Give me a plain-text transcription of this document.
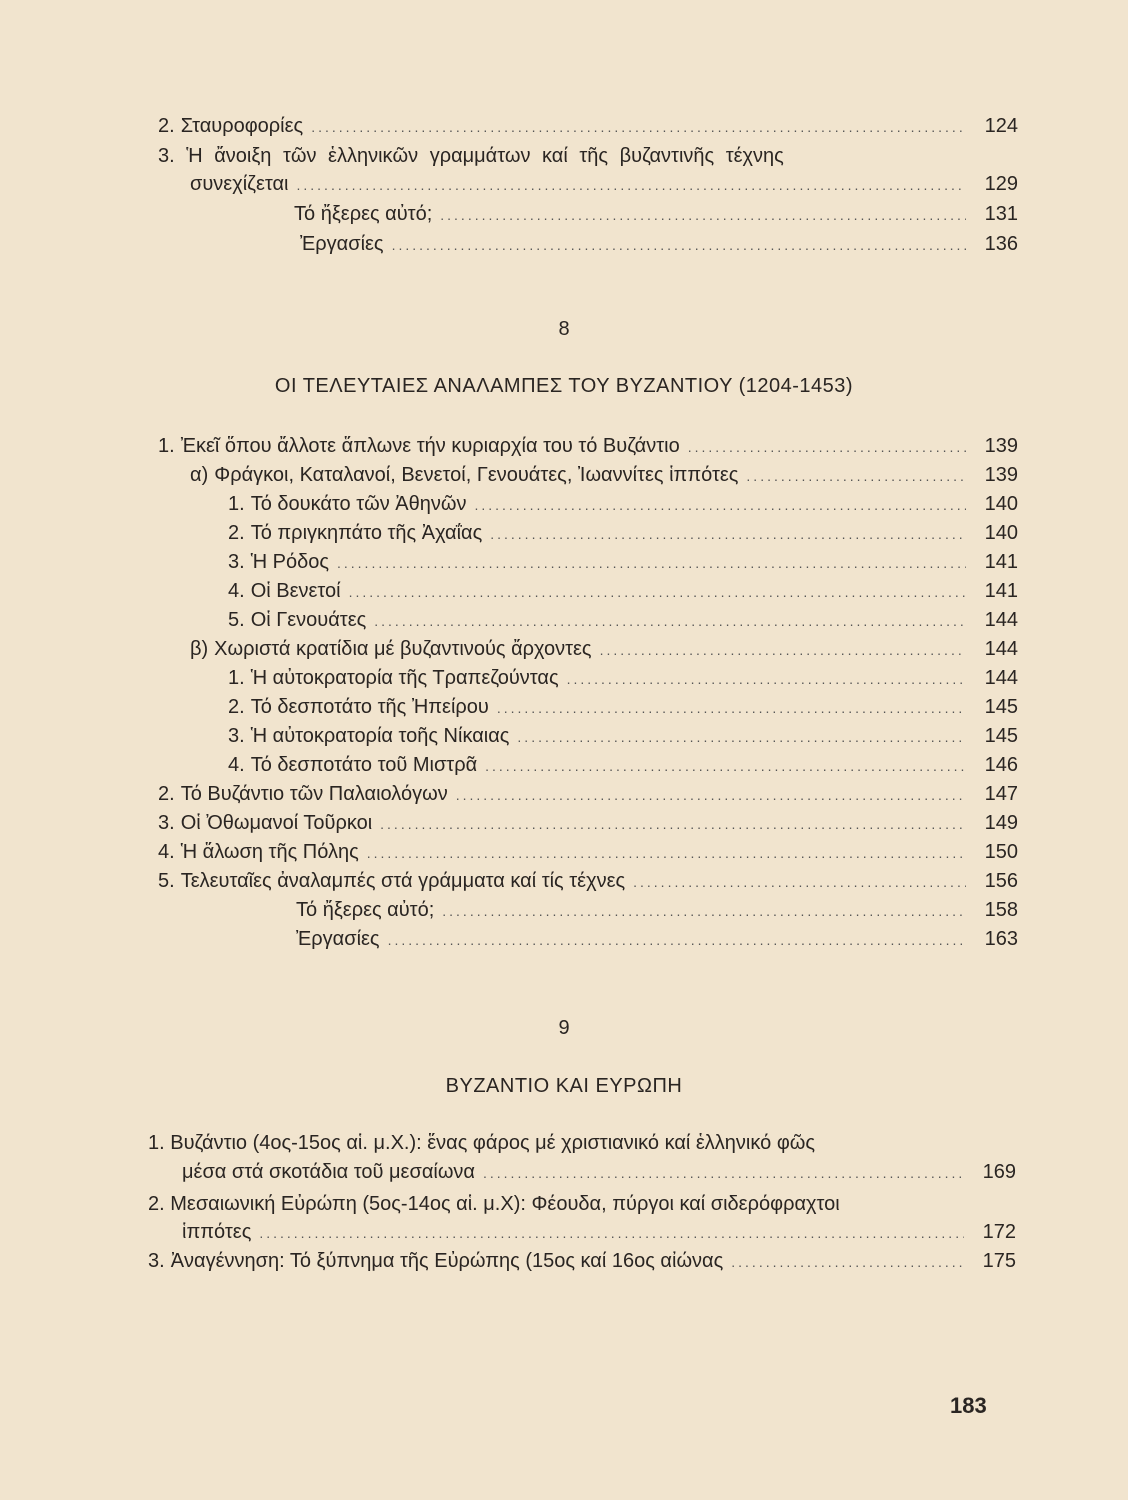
2. Σταυροφορίες .....	124
3. Ἡ ἄνοιξη τῶν ἑλληνικῶν γραμμάτων καί τῆς βυζαντινῆς τέχνης
συνεχίζεται .....	129
Τό ἤξερες αὐτό; .....	131
Ἐργασίες .....	136
8
ΟΙ ΤΕΛΕΥΤΑΙΕΣ ΑΝΑΛΑΜΠΕΣ ΤΟΥ ΒΥΖΑΝΤΙΟΥ (1204-1453)
1. Ἐκεῖ ὅπου ἄλλοτε ἅπλωνε τήν κυριαρχία του τό Βυζάντιο .....	139
α) Φράγκοι, Καταλανοί, Βενετοί, Γενουάτες, Ἰωαννίτες ἱππότες .....	139
1. Τό δουκάτο τῶν Ἀθηνῶν .....	140
2. Τό πριγκηπάτο τῆς Ἀχαΐας .....	140
3. Ἡ Ρόδος .....	141
4. Οἱ Βενετοί .....	141
5. Οἱ Γενουάτες .....	144
β) Χωριστά κρατίδια μέ βυζαντινούς ἄρχοντες .....	144
1. Ἡ αὐτοκρατορία τῆς Τραπεζούντας .....	144
2. Τό δεσποτάτο τῆς Ἠπείρου .....	145
3. Ἡ αὐτοκρατορία τοῆς Νίκαιας .....	145
4. Τό δεσποτάτο τοῦ Μιστρᾶ .....	146
2. Τό Βυζάντιο τῶν Παλαιολόγων .....	147
3. Οἱ Ὀθωμανοί Τοῦρκοι .....	149
4. Ἡ ἅλωση τῆς Πόλης .....	150
5. Τελευταῖες ἀναλαμπές στά γράμματα καί τίς τέχνες .....	156
Τό ἤξερες αὐτό; .....	158
Ἐργασίες .....	163
9
ΒΥΖΑΝΤΙΟ ΚΑΙ ΕΥΡΩΠΗ
1. Βυζάντιο (4ος-15ος αἱ. μ.Χ.): ἕνας φάρος μέ χριστιανικό καί ἑλληνικό φῶς
μέσα στά σκοτάδια τοῦ μεσαίωνα .....	169
2. Μεσαιωνική Εὐρώπη (5ος-14ος αἱ. μ.Χ): Φέουδα, πύργοι καί σιδερόφραχτοι
ἱππότες .....	172
3. Ἀναγέννηση: Τό ξύπνημα τῆς Εὐρώπης (15ος καί 16ος αἰώνας .....	175
183
